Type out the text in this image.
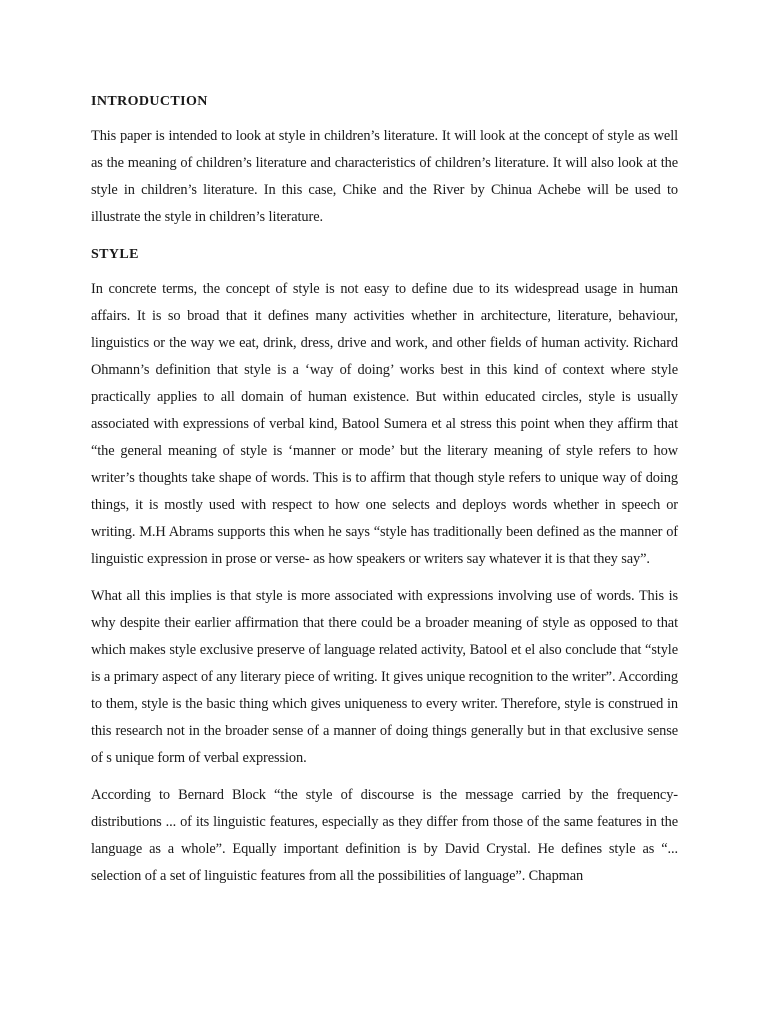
INTRODUCTION

This paper is intended to look at style in children’s literature. It will look at the concept of style as well as the meaning of children’s literature and characteristics of children’s literature. It will also look at the style in children’s literature. In this case, Chike and the River by Chinua Achebe will be used to illustrate the style in children’s literature.

STYLE

In concrete terms, the concept of style is not easy to define due to its widespread usage in human affairs. It is so broad that it defines many activities whether in architecture, literature, behaviour, linguistics or the way we eat, drink, dress, drive and work, and other fields of human activity. Richard Ohmann’s definition that style is a ‘way of doing’ works best in this kind of context where style practically applies to all domain of human existence. But within educated circles, style is usually associated with expressions of verbal kind, Batool Sumera et al stress this point when they affirm that “the general meaning of style is ‘manner or mode’ but the literary meaning of style refers to how writer’s thoughts take shape of words. This is to affirm that though style refers to unique way of doing things, it is mostly used with respect to how one selects and deploys words whether in speech or writing. M.H Abrams supports this when he says “style has traditionally been defined as the manner of linguistic expression in prose or verse- as how speakers or writers say whatever it is that they say”.

What all this implies is that style is more associated with expressions involving use of words. This is why despite their earlier affirmation that there could be a broader meaning of style as opposed to that which makes style exclusive preserve of language related activity, Batool et el also conclude that “style is a primary aspect of any literary piece of writing. It gives unique recognition to the writer”. According to them, style is the basic thing which gives uniqueness to every writer. Therefore, style is construed in this research not in the broader sense of a manner of doing things generally but in that exclusive sense of s unique form of verbal expression.

According to Bernard Block “the style of discourse is the message carried by the frequency-distributions ... of its linguistic features, especially as they differ from those of the same features in the language as a whole”. Equally important definition is by David Crystal. He defines style as “... selection of a set of linguistic features from all the possibilities of language”. Chapman
